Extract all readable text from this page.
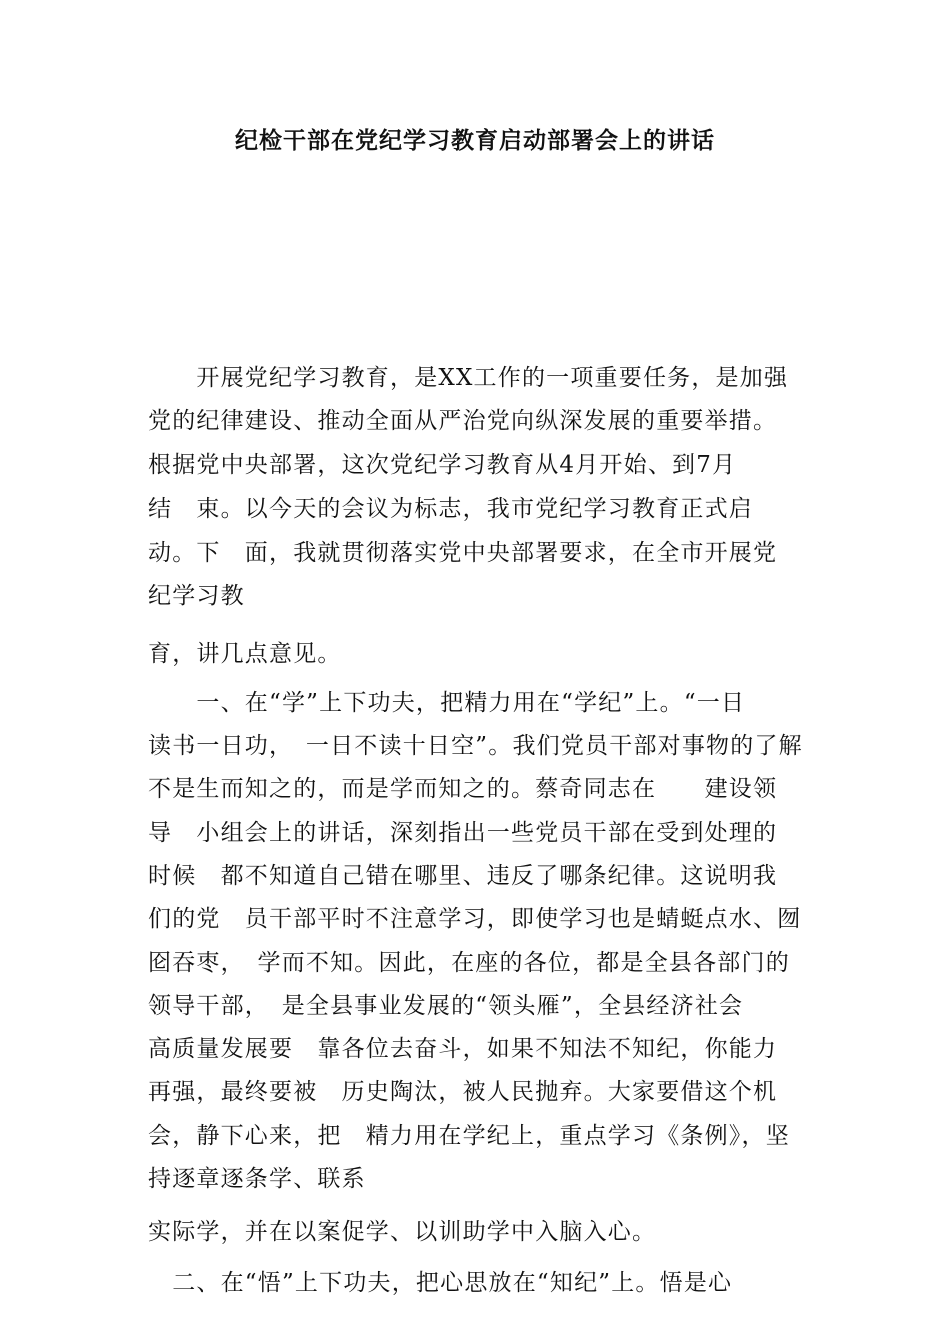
纪检干部在党纪学习教育启动部署会上的讲话
　　开展党纪学习教育，是XX工作的一项重要任务，是加强
党的纪律建设、推动全面从严治党向纵深发展的重要举措。
根据党中央部署，这次党纪学习教育从4月开始、到7月
结　束。以今天的会议为标志，我市党纪学习教育正式启
动。下　面，我就贯彻落实党中央部署要求，在全市开展党
纪学习教
育，讲几点意见。
　　一、在“学”上下功夫，把精力用在“学纪”上。“一日
读书一日功，　一日不读十日空”。我们党员干部对事物的了解
不是生而知之的，而是学而知之的。蔡奇同志在　　建设领
导　小组会上的讲话，深刻指出一些党员干部在受到处理的
时候　都不知道自己错在哪里、违反了哪条纪律。这说明我
们的党　员干部平时不注意学习，即使学习也是蜻蜓点水、囫
囵吞枣，　学而不知。因此，在座的各位，都是全县各部门的
领导干部，　是全县事业发展的“领头雁”，全县经济社会
高质量发展要　靠各位去奋斗，如果不知法不知纪，你能力
再强，最终要被　历史陶汰，被人民抛弃。大家要借这个机
会，静下心来，把　精力用在学纪上，重点学习《条例》，坚
持逐章逐条学、联系
实际学，并在以案促学、以训助学中入脑入心。
　二、在“悟”上下功夫，把心思放在“知纪”上。悟是心
